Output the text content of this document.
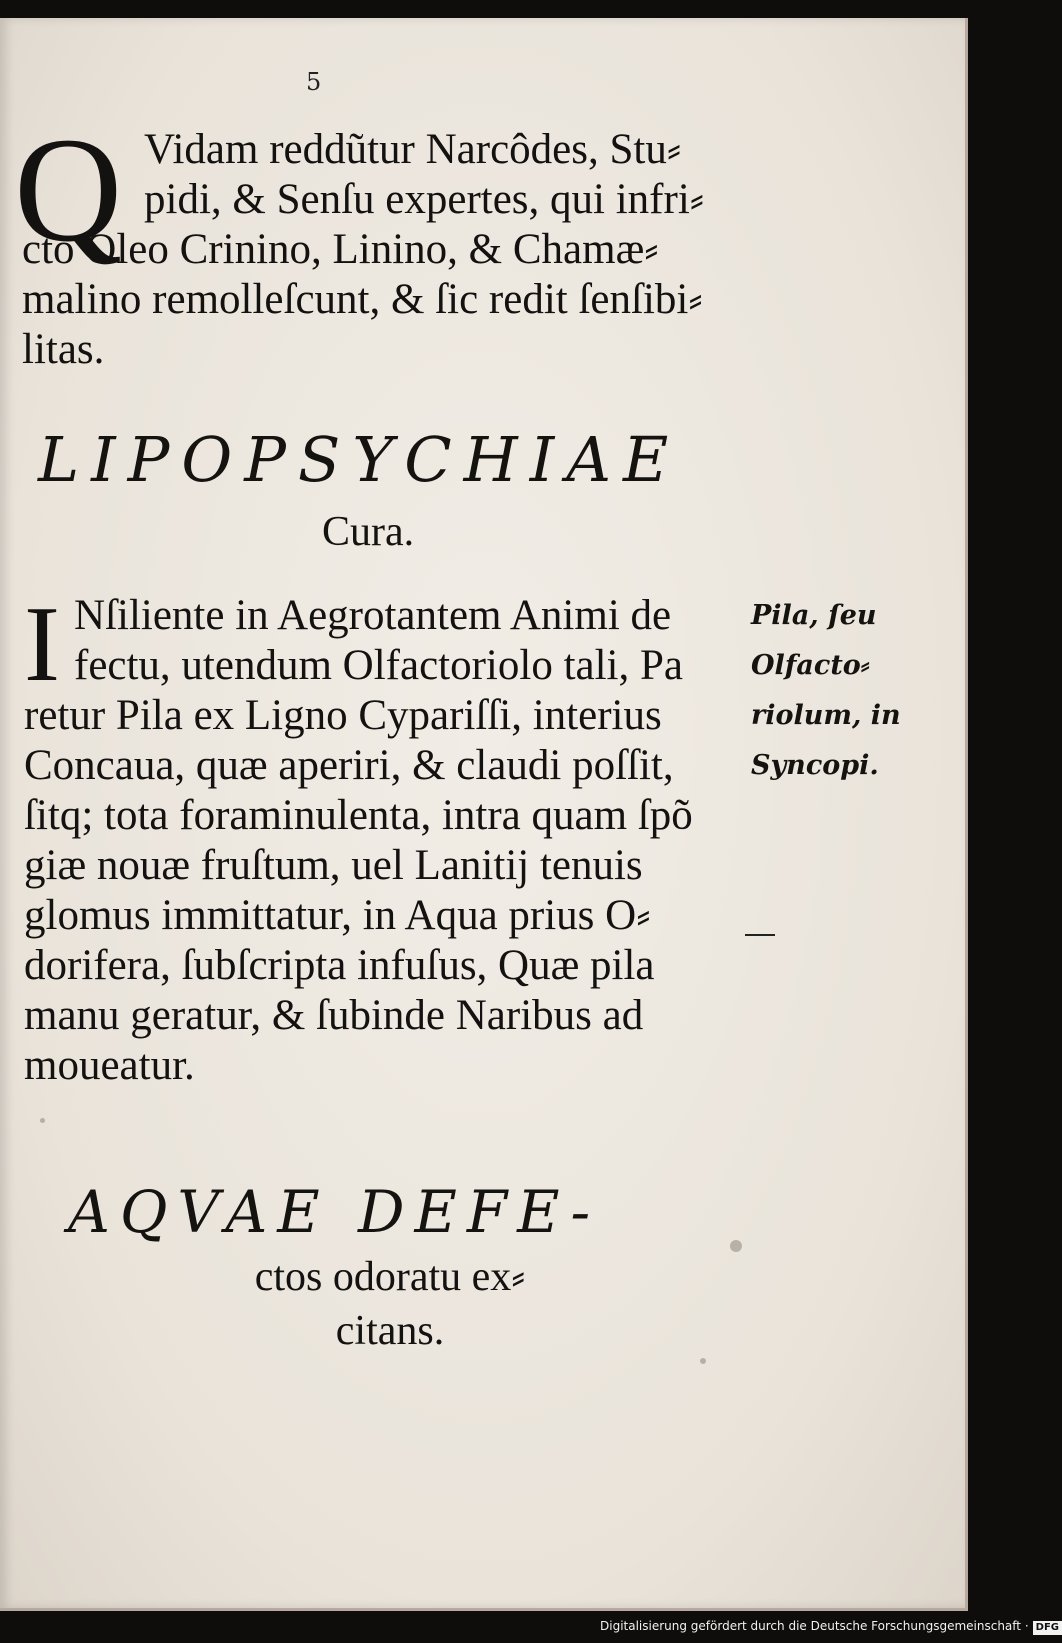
5
Q Vidam reddũtur Narcôdes, Stu⸗
pidi, & Senſu expertes, qui infri⸗
cto Oleo Crinino, Linino, & Chamæ⸗
malino remolleſcunt, & ſic redit ſenſibi⸗
litas.
LIPOPSYCHIAE
Cura.
I Nſiliente in Aegrotantem Animi de
fectu, utendum Olfactoriolo tali, Pa
retur Pila ex Ligno Cypariſſi, interius
Concaua, quæ aperiri, & claudi poſſit,
ſitq; tota foraminulenta, intra quam ſpõ
giæ nouæ fruſtum, uel Lanitij tenuis
glomus immittatur, in Aqua prius O⸗
dorifera, ſubſcripta infuſus, Quæ pila
manu geratur, & ſubinde Naribus ad
moueatur.
Pila, ſeu
Olfacto⸗
riolum, in
Syncopi.
AQVAE DEFE-
ctos odoratu ex⸗
citans.
Digitalisierung gefördert durch die Deutsche Forschungsgemeinschaft · DFG
